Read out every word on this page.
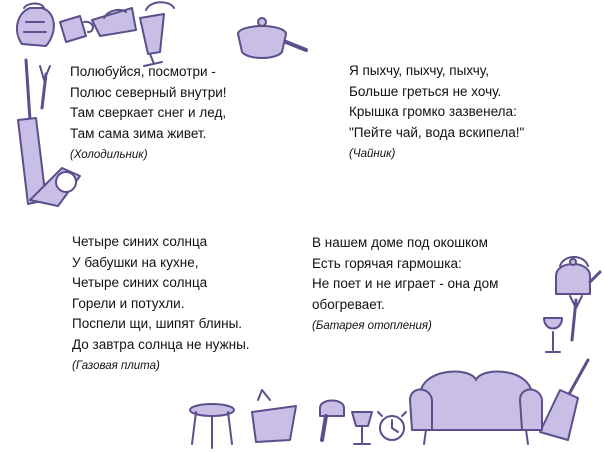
Полюбуйся, посмотри -
Полюс северный внутри!
Там сверкает снег и лед,
Там сама зима живет.
(Холодильник)
Я пыхчу, пыхчу, пыхчу,
Больше греться не хочу.
Крышка громко зазвенела:
"Пейте чай, вода вскипела!"
(Чайник)
Четыре синих солнца
У бабушки на кухне,
Четыре синих солнца
Горели и потухли.
Поспели щи, шипят блины.
До завтра солнца не нужны.
(Газовая плита)
В нашем доме под окошком
Есть горячая гармошка:
Не поет и не играет - она дом
обогревает.
(Батарея отопления)
